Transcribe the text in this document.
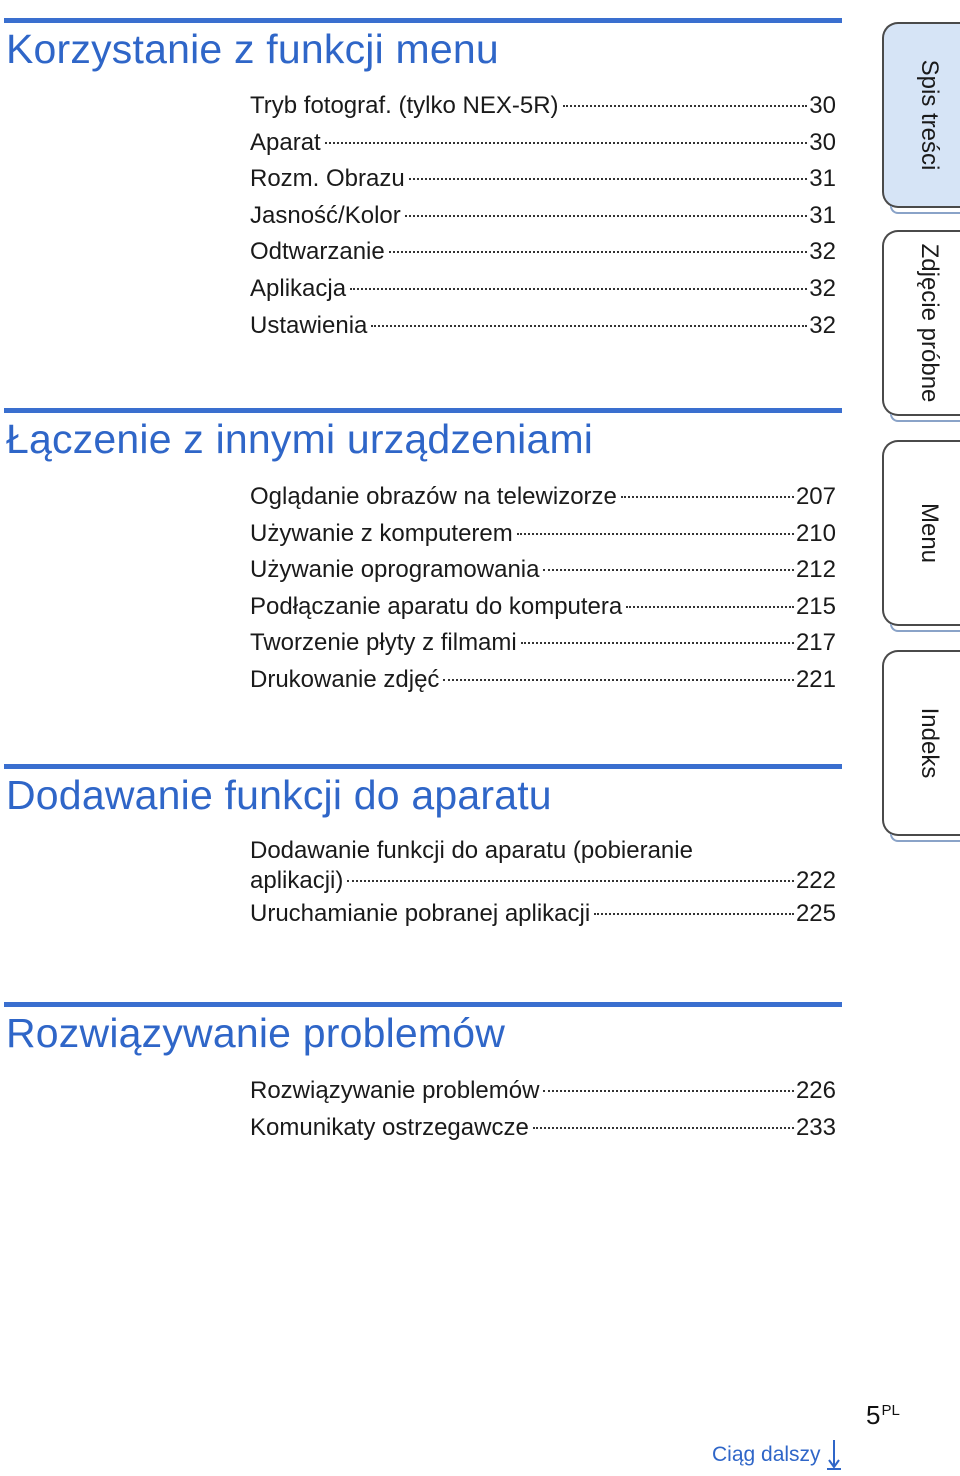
Korzystanie z funkcji menu
Tryb fotograf. (tylko NEX-5R)	30
Aparat	30
Rozm. Obrazu	31
Jasność/Kolor	31
Odtwarzanie	32
Aplikacja	32
Ustawienia	32
Łączenie z innymi urządzeniami
Oglądanie obrazów na telewizorze	207
Używanie z komputerem	210
Używanie oprogramowania	212
Podłączanie aparatu do komputera	215
Tworzenie płyty z filmami	217
Drukowanie zdjęć	221
Dodawanie funkcji do aparatu
Dodawanie funkcji do aparatu (pobieranie
aplikacji)	222
Uruchamianie pobranej aplikacji	225
Rozwiązywanie problemów
Rozwiązywanie problemów	226
Komunikaty ostrzegawcze	233
Spis treści
Zdjęcie próbne
Menu
Indeks
$5^{PL}$
Ciąg dalszy
